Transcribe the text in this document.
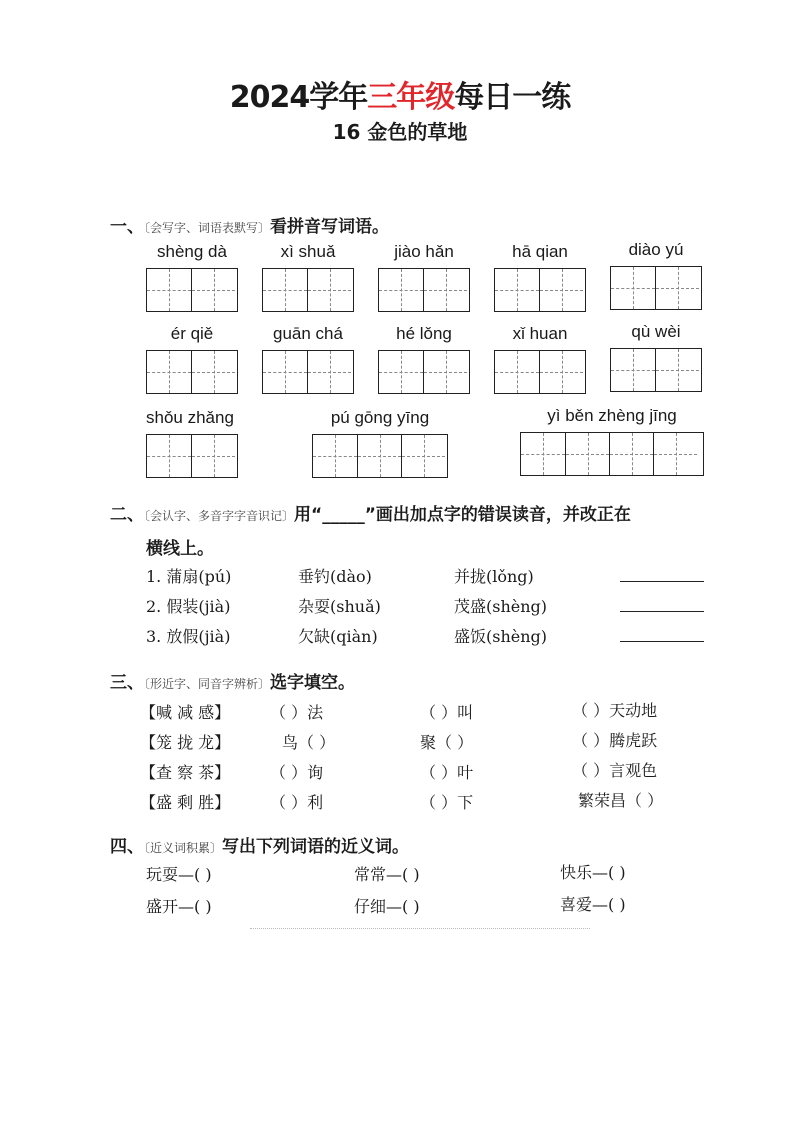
2024学年三年级每日一练
16 金色的草地
一、〔会写字、词语表默写〕看拼音写词语。
shèng dà	xì shuǎ	jiào hǎn	hā qian	diào yú
ér qiě	guān chá	hé lǒng	xǐ huan	qù wèi
shǒu zhǎng	pú gōng yīng	yì běn zhèng jīng
二、〔会认字、多音字字音识记〕用“_____”画出加点字的错误读音，并改正在
横线上。
1. 蒲扇(pú)	垂钓(dào)	并拢(lǒng)
2. 假装(jià)	杂耍(shuǎ)	茂盛(shèng)
3. 放假(jià)	欠缺(qiàn)	盛饭(shèng)
三、〔形近字、同音字辨析〕选字填空。
【喊 减 感】 （ ）法	（ ）叫	（ ）天动地
【笼 拢 龙】	鸟（ ）	聚（ ）	（ ）腾虎跃
【查 察 茶】 （ ）询	（ ）叶	（ ）言观色
【盛 剩 胜】 （ ）利	（ ）下	繁荣昌（ ）
四、〔近义词积累〕写出下列词语的近义词。
玩耍—( )	常常—( )	快乐—( )
盛开—( )	仔细—( )	喜爱—( )
